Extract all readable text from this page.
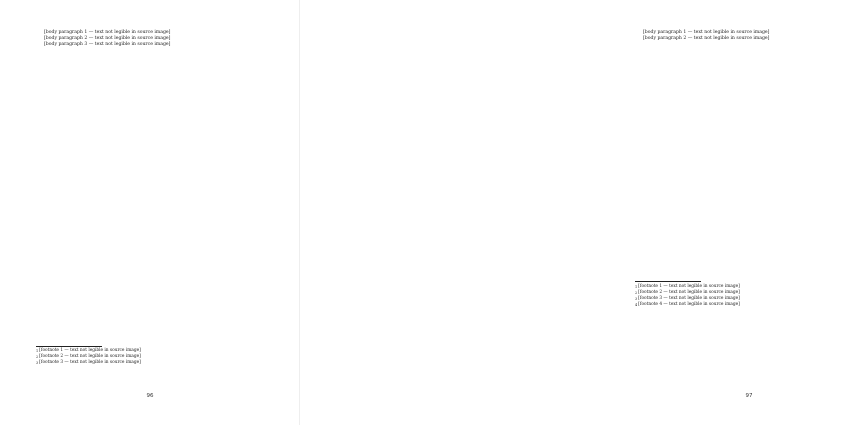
[body paragraph 1 — text not legible in source image]

[body paragraph 2 — text not legible in source image]

[body paragraph 3 — text not legible in source image]

$^1$[footnote 1 — text not legible in source image]
$^2$[footnote 2 — text not legible in source image]
$^3$[footnote 3 — text not legible in source image]
96

[body paragraph 1 — text not legible in source image]

[body paragraph 2 — text not legible in source image]

$^1$[footnote 1 — text not legible in source image]
$^2$[footnote 2 — text not legible in source image]
$^3$[footnote 3 — text not legible in source image]
$^4$[footnote 4 — text not legible in source image]
97
